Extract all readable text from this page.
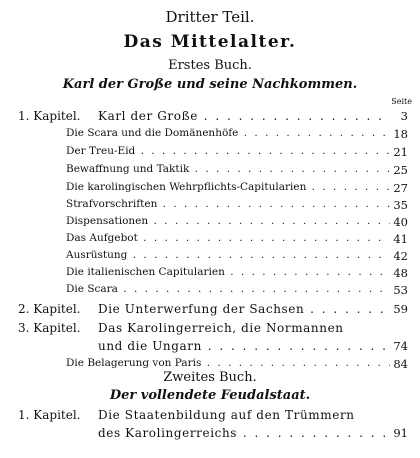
Dritter Teil.
Das Mittelalter.
Erstes Buch.
Karl der Große und seine Nachkommen.
Seite
1. Kapitel. Karl der Große . . .	3
Die Scara und die Domänenhöfe . . .	18
Der Treu-Eid . . .	21
Bewaffnung und Taktik . . .	25
Die karolingischen Wehrpflichts-Capitularien . . .	27
Strafvorschriften . . .	35
Dispensationen . . .	40
Das Aufgebot . . .	41
Ausrüstung . . .	42
Die italienischen Capitularien . . .	48
Die Scara . . .	53
2. Kapitel. Die Unterwerfung der Sachsen . . .	59
3. Kapitel. Das Karolingerreich, die Normannen
und die Ungarn . . .	74
Die Belagerung von Paris . . .	84
Zweites Buch.
Der vollendete Feudalstaat.
1. Kapitel. Die Staatenbildung auf den Trümmern
des Karolingerreichs . . .	91
